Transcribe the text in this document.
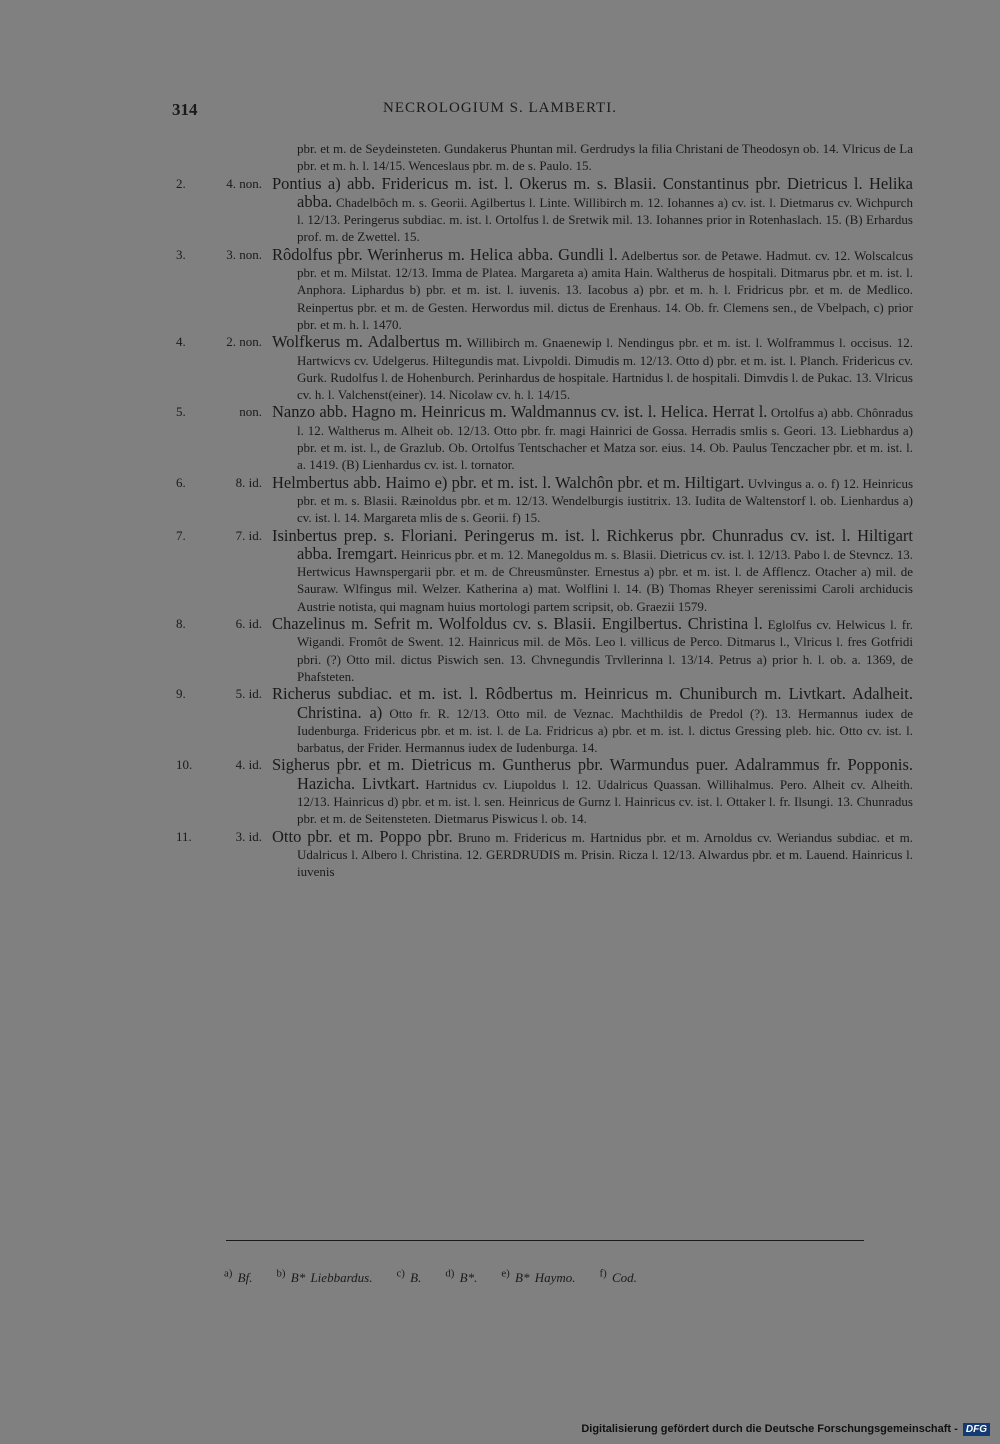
314	NECROLOGIUM S. LAMBERTI.
pbr. et m. de Seydeinsteten. Gundakerus Phuntan mil. Gerdrudys la filia Christani de Theodosyn ob. 14. Vlricus de La pbr. et m. h. l. 14/15. Wenceslaus pbr. m. de s. Paulo. 15.
2.	4. non. Pontius a) abb. Fridericus m. ist. l. Okerus m. s. Blasii. Constantinus pbr. Dietricus l. Helika abba. Chadelbôch m. s. Georii. Agilbertus l. Linte. Willibirch m. 12. Iohannes a) cv. ist. l. Dietmarus cv. Wichpurch l. 12/13. Peringerus subdiac. m. ist. l. Ortolfus l. de Sretwik mil. 13. Iohannes prior in Rotenhaslach. 15. (B) Erhardus prof. m. de Zwettel. 15.
3.	3. non. Rôdolfus pbr. Werinherus m. Helica abba. Gundli l. Adelbertus sor. de Petawe. Hadmut. cv. 12. Wolscalcus pbr. et m. Milstat. 12/13. Imma de Platea. Margareta a) amita Hain. Waltherus de hospitali. Ditmarus pbr. et m. ist. l. Anphora. Liphardus b) pbr. et m. ist. l. iuvenis. 13. Iacobus a) pbr. et m. h. l. Fridricus pbr. et m. de Medlico. Reinpertus pbr. et m. de Gesten. Herwordus mil. dictus de Erenhaus. 14. Ob. fr. Clemens sen., de Vbelpach, c) prior pbr. et m. h. l. 1470.
4.	2. non. Wolfkerus m. Adalbertus m. Willibirch m. Gnaenewip l. Nendingus pbr. et m. ist. l. Wolframmus l. occisus. 12. Hartwicvs cv. Udelgerus. Hiltegundis mat. Livpoldi. Dimudis m. 12/13. Otto d) pbr. et m. ist. l. Planch. Fridericus cv. Gurk. Rudolfus l. de Hohenburch. Perinhardus de hospitale. Hartnidus l. de hospitali. Dimvdis l. de Pukac. 13. Vlricus cv. h. l. Valchenst(einer). 14. Nicolaw cv. h. l. 14/15.
5.	non. Nanzo abb. Hagno m. Heinricus m. Waldmannus cv. ist. l. Helica. Herrat l. Ortolfus a) abb. Chônradus l. 12. Waltherus m. Alheit ob. 12/13. Otto pbr. fr. magi Hainrici de Gossa. Herradis smlis s. Geori. 13. Liebhardus a) pbr. et m. ist. l., de Grazlub. Ob. Ortolfus Tentschacher et Matza sor. eius. 14. Ob. Paulus Tenczacher pbr. et m. ist. l. a. 1419. (B) Lienhardus cv. ist. l. tornator.
6.	8. id. Helmbertus abb. Haimo e) pbr. et m. ist. l. Walchôn pbr. et m. Hiltigart. Uvlvingus a. o. f) 12. Heinricus pbr. et m. s. Blasii. Ræinoldus pbr. et m. 12/13. Wendelburgis iustitrix. 13. Iudita de Waltenstorf l. ob. Lienhardus a) cv. ist. l. 14. Margareta mlis de s. Georii. f) 15.
7.	7. id. Isinbertus prep. s. Floriani. Peringerus m. ist. l. Richkerus pbr. Chunradus cv. ist. l. Hiltigart abba. Iremgart. Heinricus pbr. et m. 12. Manegoldus m. s. Blasii. Dietricus cv. ist. l. 12/13. Pabo l. de Stevncz. 13. Hertwicus Hawnspergarii pbr. et m. de Chreusmûnster. Ernestus a) pbr. et m. ist. l. de Afflencz. Otacher a) mil. de Sauraw. Wlfingus mil. Welzer. Katherina a) mat. Wolflini l. 14. (B) Thomas Rheyer serenissimi Caroli archiducis Austrie notista, qui magnam huius mortologi partem scripsit, ob. Graezii 1579.
8.	6. id. Chazelinus m. Sefrit m. Wolfoldus cv. s. Blasii. Engilbertus. Christina l. Eglolfus cv. Helwicus l. fr. Wigandi. Fromôt de Swent. 12. Hainricus mil. de Mõs. Leo l. villicus de Perco. Ditmarus l., Vlricus l. fres Gotfridi pbri. (?) Otto mil. dictus Piswich sen. 13. Chvnegundis Trvllerinna l. 13/14. Petrus a) prior h. l. ob. a. 1369, de Phafsteten.
9.	5. id. Richerus subdiac. et m. ist. l. Rôdbertus m. Heinricus m. Chuniburch m. Livtkart. Adalheit. Christina. a) Otto fr. R. 12/13. Otto mil. de Veznac. Machthildis de Predol (?). 13. Hermannus iudex de Iudenburga. Fridericus pbr. et m. ist. l. de La. Fridricus a) pbr. et m. ist. l. dictus Gressing pleb. hic. Otto cv. ist. l. barbatus, der Frider. Hermannus iudex de Iudenburga. 14.
10.	4. id. Sigherus pbr. et m. Dietricus m. Guntherus pbr. Warmundus puer. Adalrammus fr. Popponis. Hazicha. Livtkart. Hartnidus cv. Liupoldus l. 12. Udalricus Quassan. Willihalmus. Pero. Alheit cv. Alheith. 12/13. Hainricus d) pbr. et m. ist. l. sen. Heinricus de Gurnz l. Hainricus cv. ist. l. Ottaker l. fr. Ilsungi. 13. Chunradus pbr. et m. de Seitensteten. Dietmarus Piswicus l. ob. 14.
11.	3. id. Otto pbr. et m. Poppo pbr. Bruno m. Fridericus m. Hartnidus pbr. et m. Arnoldus cv. Weriandus subdiac. et m. Udalricus l. Albero l. Christina. 12. GERDRUDIS m. Prisin. Ricza l. 12/13. Alwardus pbr. et m. Lauend. Hainricus l. iuvenis
$^{a)}$ Bf. $^{b)}$ B* Liebbardus. $^{c)}$ B. $^{d)}$ B*. $^{e)}$ B* Haymo. $^{f)}$ Cod.
Digitalisierung gefördert durch die Deutsche Forschungsgemeinschaft - DFG
